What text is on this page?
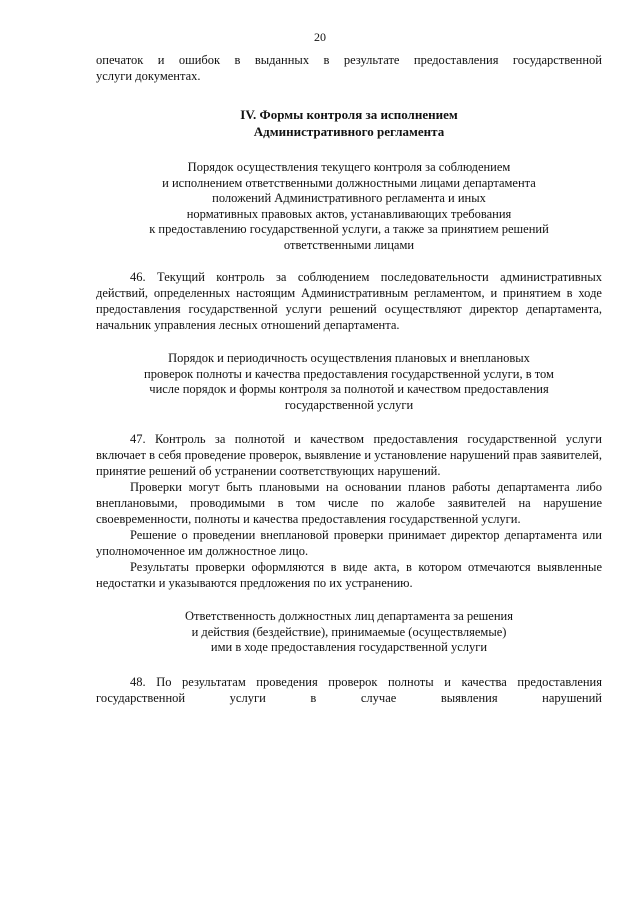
20

опечаток и ошибок в выданных в результате предоставления государственной

услуги документах.

IV. Формы контроля за исполнением
Административного регламента
Порядок осуществления текущего контроля за соблюдением
и исполнением ответственными должностными лицами департамента
положений Административного регламента и иных
нормативных правовых актов, устанавливающих требования
к предоставлению государственной услуги, а также за принятием решений
ответственными лицами

46. Текущий контроль за соблюдением последовательности административных действий, определенных настоящим Административным регламентом, и принятием в ходе предоставления государственной услуги решений осуществляют директор департамента, начальник управления лесных отношений департамента.

Порядок и периодичность осуществления плановых и внеплановых
проверок полноты и качества предоставления государственной услуги, в том
числе порядок и формы контроля за полнотой и качеством предоставления
государственной услуги

47. Контроль за полнотой и качеством предоставления государственной услуги включает в себя проведение проверок, выявление и установление нарушений прав заявителей, принятие решений об устранении соответствующих нарушений.

Проверки могут быть плановыми на основании планов работы департамента либо внеплановыми, проводимыми в том числе по жалобе заявителей на нарушение своевременности, полноты и качества предоставления государственной услуги.

Решение о проведении внеплановой проверки принимает директор департамента или уполномоченное им должностное лицо.

Результаты проверки оформляются в виде акта, в котором отмечаются выявленные недостатки и указываются предложения по их устранению.

Ответственность должностных лиц департамента за решения
и действия (бездействие), принимаемые (осуществляемые)
ими в ходе предоставления государственной услуги

48. По результатам проведения проверок полноты и качества предоставления государственной услуги в случае выявления нарушений
